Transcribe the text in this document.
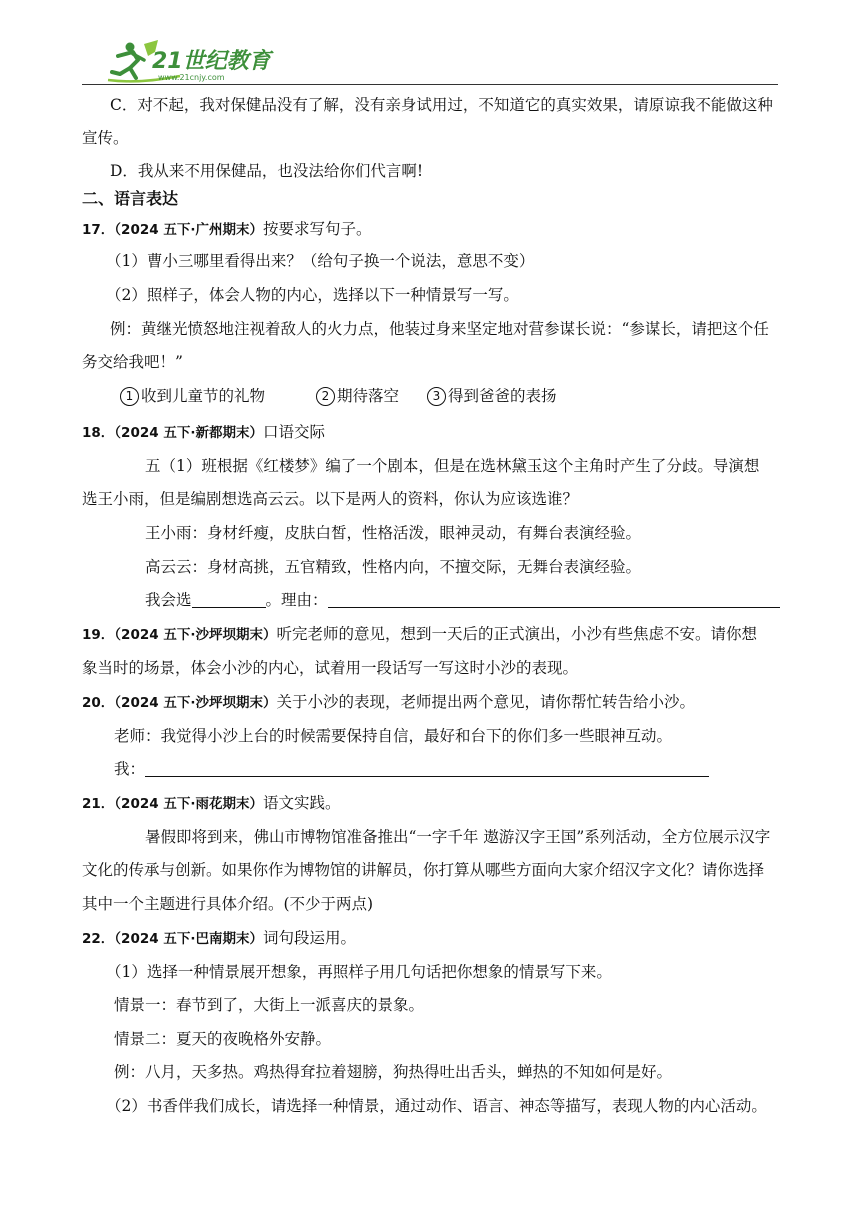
21世纪教育
www.21cnjy.com
C．对不起，我对保健品没有了解，没有亲身试用过，不知道它的真实效果，请原谅我不能做这种
宣传。
D．我从来不用保健品，也没法给你们代言啊!
二、语言表达
17．（2024 五下·广州期末）按要求写句子。
（1）曹小三哪里看得出来？（给句子换一个说法，意思不变）
（2）照样子，体会人物的内心，选择以下一种情景写一写。
例：黄继光愤怒地注视着敌人的火力点，他装过身来坚定地对营参谋长说：“参谋长，请把这个任
务交给我吧！”
1 收到儿童节的礼物	2 期待落空	3 得到爸爸的表扬
18．（2024 五下·新都期末）口语交际
五（1）班根据《红楼梦》编了一个剧本，但是在选林黛玉这个主角时产生了分歧。导演想
选王小雨，但是编剧想选高云云。以下是两人的资料，你认为应该选谁？
王小雨：身材纤瘦，皮肤白皙，性格活泼，眼神灵动，有舞台表演经验。
高云云：身材高挑，五官精致，性格内向，不擅交际，无舞台表演经验。
我会选	。理由：
19．（2024 五下·沙坪坝期末）听完老师的意见，想到一天后的正式演出，小沙有些焦虑不安。请你想
象当时的场景，体会小沙的内心，试着用一段话写一写这时小沙的表现。
20．（2024 五下·沙坪坝期末）关于小沙的表现，老师提出两个意见，请你帮忙转告给小沙。
老师：我觉得小沙上台的时候需要保持自信，最好和台下的你们多一些眼神互动。
我：
21．（2024 五下·雨花期末）语文实践。
暑假即将到来，佛山市博物馆准备推出“一字千年 遨游汉字王国”系列活动，全方位展示汉字
文化的传承与创新。如果你作为博物馆的讲解员，你打算从哪些方面向大家介绍汉字文化？请你选择
其中一个主题进行具体介绍。(不少于两点)
22．（2024 五下·巴南期末）词句段运用。
（1）选择一种情景展开想象，再照样子用几句话把你想象的情景写下来。
情景一：春节到了，大街上一派喜庆的景象。
情景二：夏天的夜晚格外安静。
例：八月，天多热。鸡热得耷拉着翅膀，狗热得吐出舌头，蝉热的不知如何是好。
（2）书香伴我们成长，请选择一种情景，通过动作、语言、神态等描写，表现人物的内心活动。
